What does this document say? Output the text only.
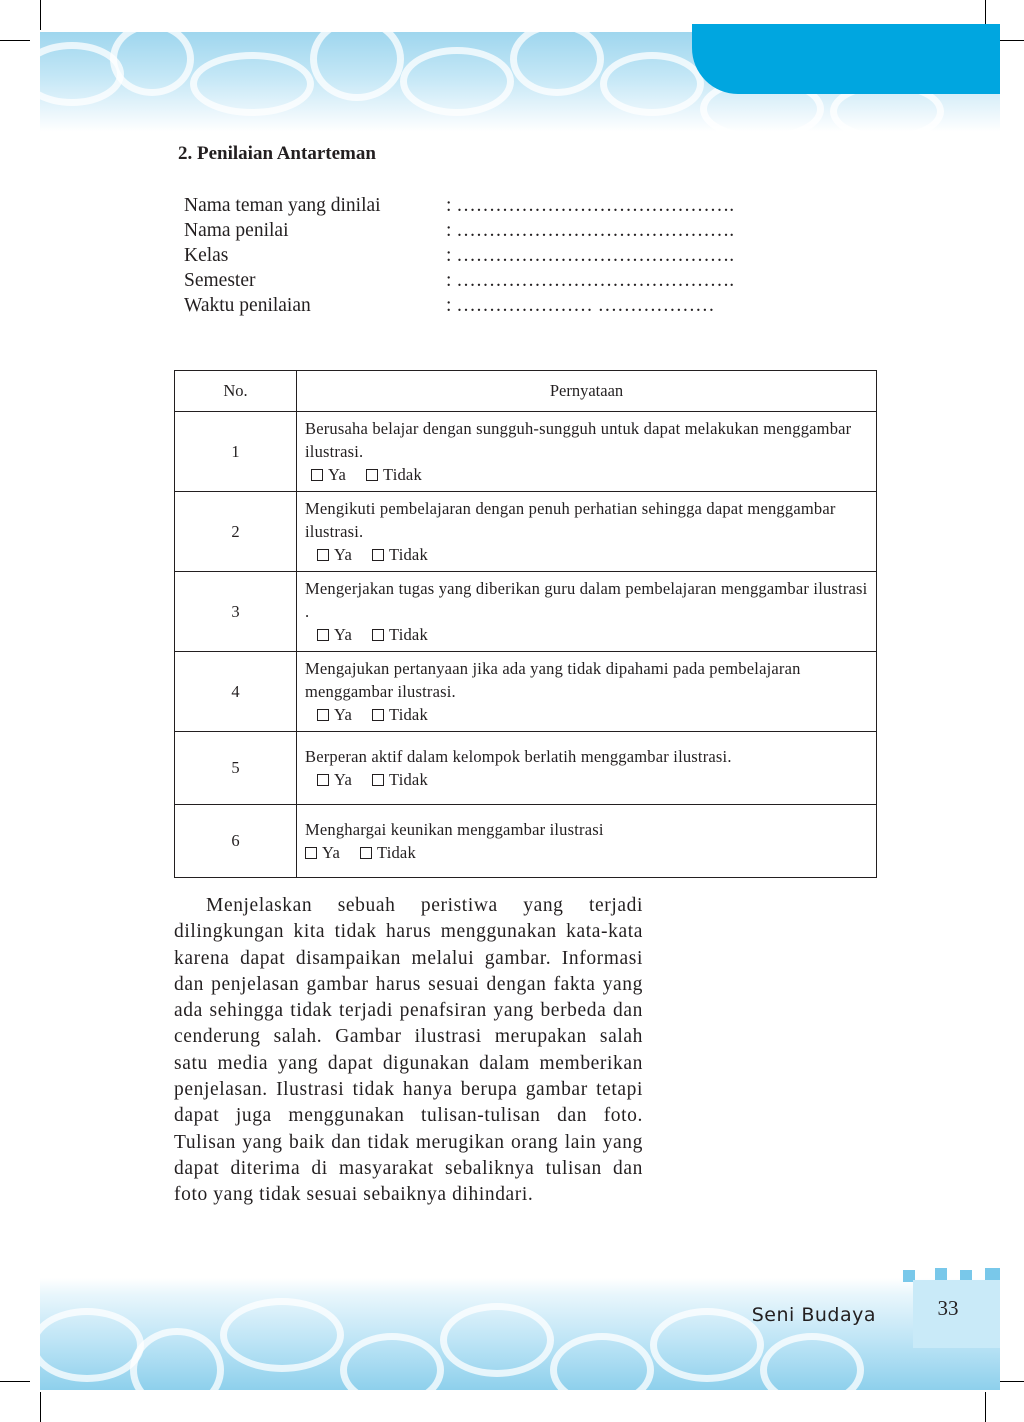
33
Seni Budaya
2. Penilaian Antarteman
Nama teman yang dinilai	: …………………………………….
Nama penilai	: …………………………………….
Kelas	: …………………………………….
Semester	: …………………………………….
Waktu penilaian	: ………………… ………………
No.	Pernyataan
1	Berusaha belajar dengan sungguh-sungguh untuk dapat melakukan menggambar ilustrasi.
Ya Tidak

2	Mengikuti pembelajaran dengan penuh perhatian sehingga dapat menggambar ilustrasi.
Ya Tidak

3	Mengerjakan tugas yang diberikan guru dalam pembelajaran menggambar ilustrasi .
Ya Tidak

4	Mengajukan pertanyaan jika ada yang tidak dipahami pada pembelajaran menggambar ilustrasi.
Ya Tidak

5	Berperan aktif dalam kelompok berlatih menggambar ilustrasi.
Ya Tidak

6	Menghargai keunikan menggambar ilustrasi
Ya Tidak
Menjelaskan sebuah peristiwa yang terjadi dilingkungan kita tidak harus menggunakan kata-kata karena dapat disampaikan melalui gambar. Informasi dan penjelasan gambar harus sesuai dengan fakta yang ada sehingga tidak terjadi penafsiran yang berbeda dan cenderung salah. Gambar ilustrasi merupakan salah satu media yang dapat digunakan dalam memberikan penjelasan. Ilustrasi tidak hanya berupa gambar tetapi dapat juga menggunakan tulisan-tulisan dan foto. Tulisan yang baik dan tidak merugikan orang lain yang dapat diterima di masyarakat sebaliknya tulisan dan foto yang tidak sesuai sebaiknya dihindari.
